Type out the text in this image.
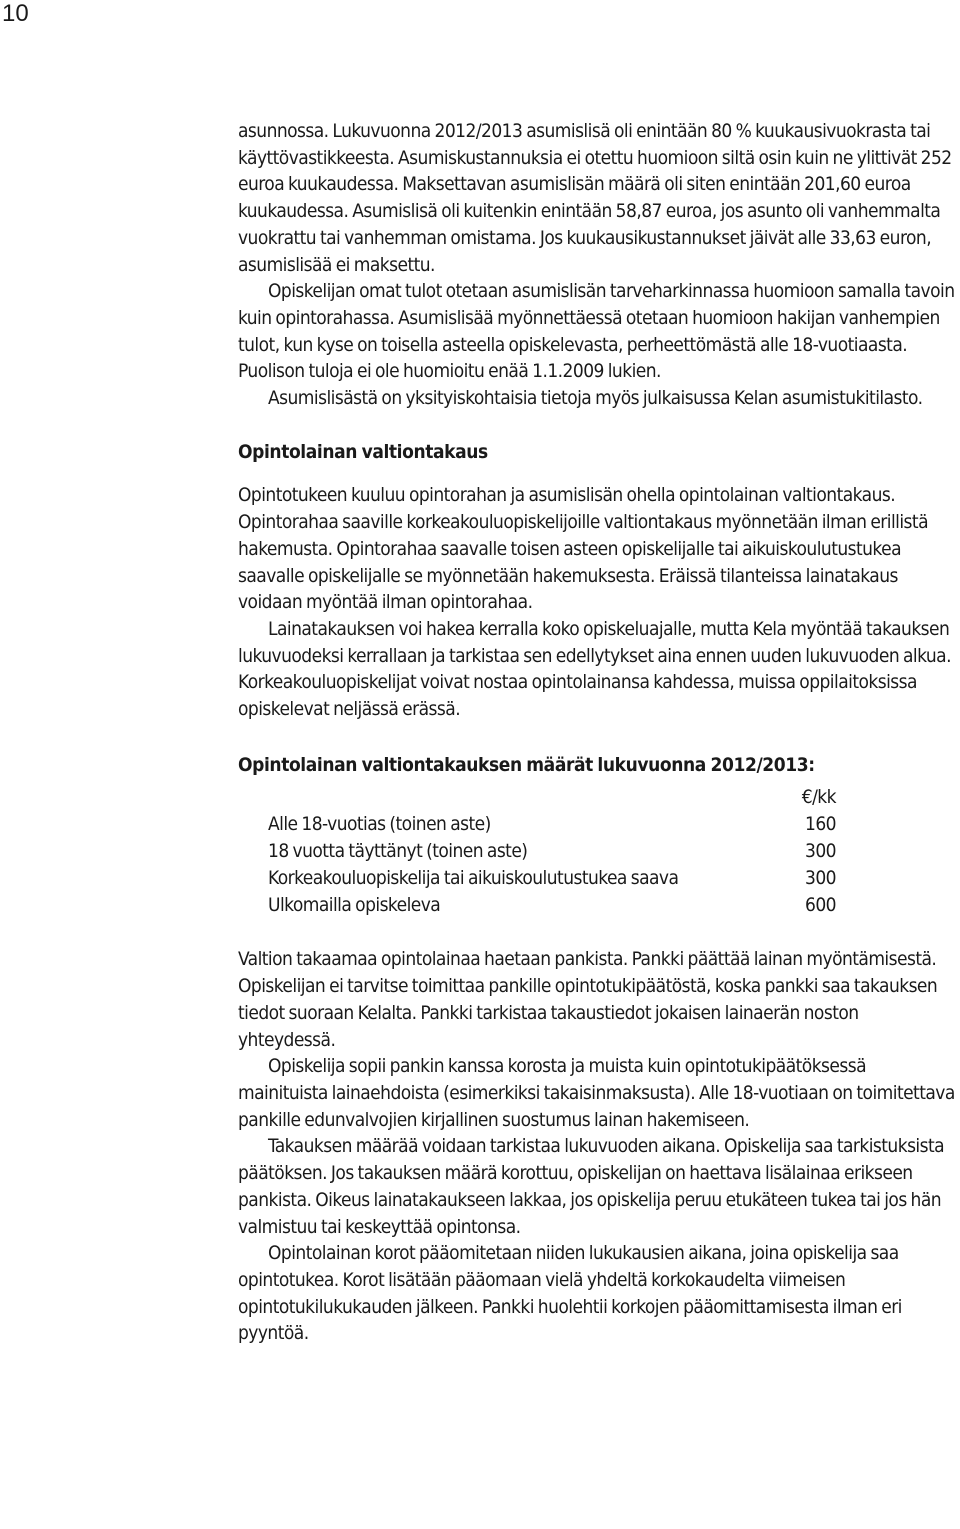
10

asunnossa. Lukuvuonna 2012/2013 asumislisä oli enintään 80 % kuukausivuokrasta tai käyttövastikkeesta. Asumiskustannuksia ei otettu huomioon siltä osin kuin ne ylittivät 252 euroa kuukaudessa. Maksettavan asumislisän määrä oli siten enintään 201,60 euroa kuukaudessa. Asumislisä oli kuitenkin enintään 58,87 euroa, jos asunto oli vanhemmalta vuokrattu tai vanhemman omistama. Jos kuukausikustannukset jäivät alle 33,63 euron, asumislisää ei maksettu.

Opiskelijan omat tulot otetaan asumislisän tarveharkinnassa huomioon samalla tavoin kuin opintorahassa. Asumislisää myönnettäessä otetaan huomioon hakijan vanhempien tulot, kun kyse on toisella asteella opiskelevasta, perheettömästä alle 18-vuotiaasta. Puolison tuloja ei ole huomioitu enää 1.1.2009 lukien.

Asumislisästä on yksityiskohtaisia tietoja myös julkaisussa Kelan asumistukitilasto.

Opintolainan valtiontakaus

Opintotukeen kuuluu opintorahan ja asumislisän ohella opintolainan valtiontakaus. Opintorahaa saaville korkeakouluopiskelijoille valtiontakaus myönnetään ilman erillistä hakemusta. Opintorahaa saavalle toisen asteen opiskelijalle tai aikuiskoulutustukea saavalle opiskelijalle se myönnetään hakemuksesta. Eräissä tilanteissa lainatakaus voidaan myöntää ilman opintorahaa.

Lainatakauksen voi hakea kerralla koko opiskeluajalle, mutta Kela myöntää takauksen lukuvuodeksi kerrallaan ja tarkistaa sen edellytykset aina ennen uuden lukuvuoden alkua. Korkeakouluopiskelijat voivat nostaa opintolainansa kahdessa, muissa oppilaitoksissa opiskelevat neljässä erässä.

Opintolainan valtiontakauksen määrät lukuvuonna 2012/2013:

	€/kk
Alle 18-vuotias (toinen aste)	160
18 vuotta täyttänyt (toinen aste)	300
Korkeakouluopiskelija tai aikuiskoulutustukea saava	300
Ulkomailla opiskeleva	600

Valtion takaamaa opintolainaa haetaan pankista. Pankki päättää lainan myöntämisestä. Opiskelijan ei tarvitse toimittaa pankille opintotukipäätöstä, koska pankki saa takauksen tiedot suoraan Kelalta. Pankki tarkistaa takaustiedot jokaisen lainaerän noston yhteydessä.

Opiskelija sopii pankin kanssa korosta ja muista kuin opintotukipäätöksessä mainituista lainaehdoista (esimerkiksi takaisinmaksusta). Alle 18-vuotiaan on toimitettava pankille edunvalvojien kirjallinen suostumus lainan hakemiseen.

Takauksen määrää voidaan tarkistaa lukuvuoden aikana. Opiskelija saa tarkistuksista päätöksen. Jos takauksen määrä korottuu, opiskelijan on haettava lisälainaa erikseen pankista. Oikeus lainatakaukseen lakkaa, jos opiskelija peruu etukäteen tukea tai jos hän valmistuu tai keskeyttää opintonsa.

Opintolainan korot pääomitetaan niiden lukukausien aikana, joina opiskelija saa opintotukea. Korot lisätään pääomaan vielä yhdeltä korkokaudelta viimeisen opintotukilukukauden jälkeen. Pankki huolehtii korkojen pääomittamisesta ilman eri pyyntöä.
